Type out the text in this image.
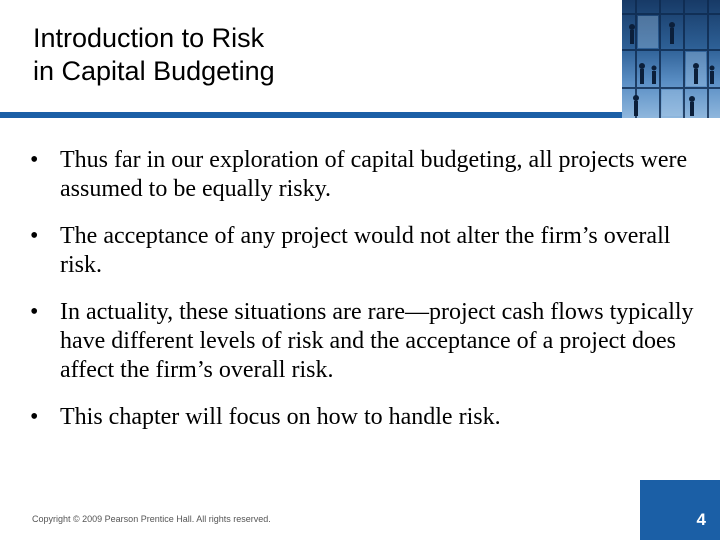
Introduction to Risk
in Capital Budgeting
• Thus far in our exploration of capital budgeting, all projects were assumed to be equally risky.
• The acceptance of any project would not alter the firm’s overall risk.
• In actuality, these situations are rare—project cash flows typically have different levels of risk and the acceptance of a project does affect the firm’s overall risk.
• This chapter will focus on how to handle risk.
Copyright © 2009 Pearson Prentice Hall. All rights reserved.	4
